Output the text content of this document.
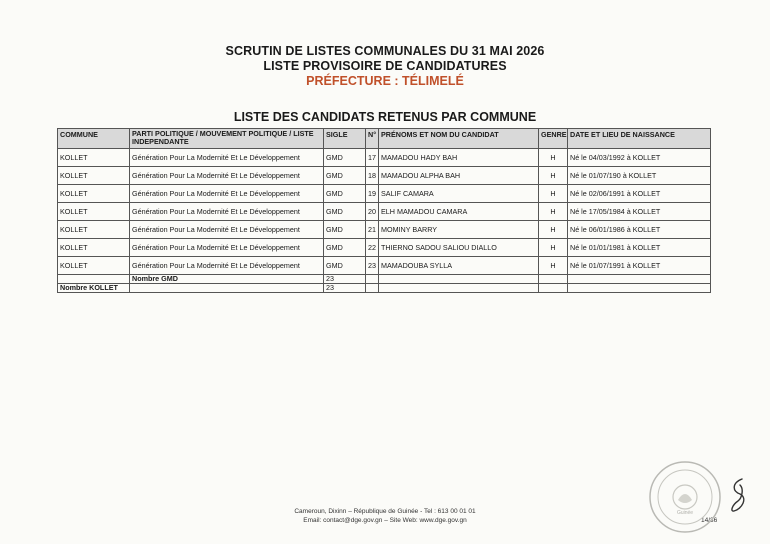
SCRUTIN DE LISTES COMMUNALES DU 31 MAI 2026
LISTE PROVISOIRE DE CANDIDATURES
PRÉFECTURE : TÉLIMELÉ
LISTE DES CANDIDATS RETENUS PAR COMMUNE
COMMUNE	PARTI POLITIQUE / MOUVEMENT POLITIQUE / LISTE INDEPENDANTE	SIGLE	N°	PRÉNOMS ET NOM DU CANDIDAT	GENRE	DATE ET LIEU DE NAISSANCE
KOLLET	Génération Pour La Modernité Et Le Développement	GMD	17	MAMADOU HADY BAH	H	Né le 04/03/1992 à KOLLET
KOLLET	Génération Pour La Modernité Et Le Développement	GMD	18	MAMADOU ALPHA BAH	H	Né le 01/07/190 à KOLLET
KOLLET	Génération Pour La Modernité Et Le Développement	GMD	19	SALIF CAMARA	H	Né le 02/06/1991 à KOLLET
KOLLET	Génération Pour La Modernité Et Le Développement	GMD	20	ELH MAMADOU CAMARA	H	Né le 17/05/1984 à KOLLET
KOLLET	Génération Pour La Modernité Et Le Développement	GMD	21	MOMINY BARRY	H	Né le 06/01/1986 à KOLLET
KOLLET	Génération Pour La Modernité Et Le Développement	GMD	22	THIERNO SADOU SALIOU DIALLO	H	Né le 01/01/1981 à KOLLET
KOLLET	Génération Pour La Modernité Et Le Développement	GMD	23	MAMADOUBA SYLLA	H	Né le 01/07/1991 à KOLLET
	Nombre GMD	23				
Nombre KOLLET		23				
Cameroun, Dixinn – République de Guinée - Tel : 613 00 01 01
Email: contact@dge.gov.gn – Site Web: www.dge.gov.gn	14/36
Guinée
